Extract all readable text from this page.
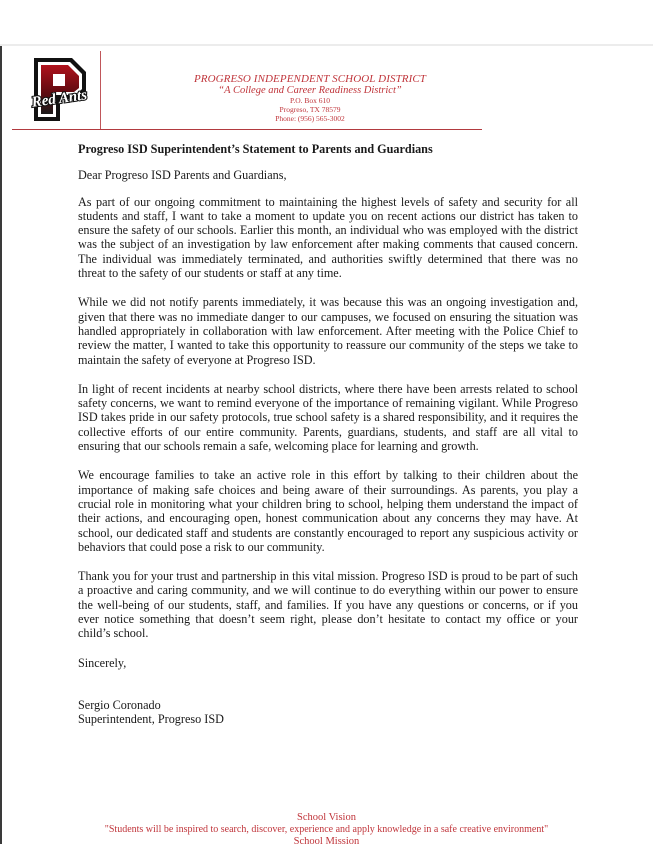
Red Ants
PROGRESO INDEPENDENT SCHOOL DISTRICT
“A College and Career Readiness District”
P.O. Box 610
Progreso, TX 78579
Phone: (956) 565-3002

Progreso ISD Superintendent’s Statement to Parents and Guardians

Dear Progreso ISD Parents and Guardians,

As part of our ongoing commitment to maintaining the highest levels of safety and security for all students and staff, I want to take a moment to update you on recent actions our district has taken to ensure the safety of our schools. Earlier this month, an individual who was employed with the district was the subject of an investigation by law enforcement after making comments that caused concern. The individual was immediately terminated, and authorities swiftly determined that there was no threat to the safety of our students or staff at any time.

While we did not notify parents immediately, it was because this was an ongoing investigation and, given that there was no immediate danger to our campuses, we focused on ensuring the situation was handled appropriately in collaboration with law enforcement. After meeting with the Police Chief to review the matter, I wanted to take this opportunity to reassure our community of the steps we take to maintain the safety of everyone at Progreso ISD.

In light of recent incidents at nearby school districts, where there have been arrests related to school safety concerns, we want to remind everyone of the importance of remaining vigilant. While Progreso ISD takes pride in our safety protocols, true school safety is a shared responsibility, and it requires the collective efforts of our entire community. Parents, guardians, students, and staff are all vital to ensuring that our schools remain a safe, welcoming place for learning and growth.

We encourage families to take an active role in this effort by talking to their children about the importance of making safe choices and being aware of their surroundings. As parents, you play a crucial role in monitoring what your children bring to school, helping them understand the impact of their actions, and encouraging open, honest communication about any concerns they may have. At school, our dedicated staff and students are constantly encouraged to report any suspicious activity or behaviors that could pose a risk to our community.

Thank you for your trust and partnership in this vital mission. Progreso ISD is proud to be part of such a proactive and caring community, and we will continue to do everything within our power to ensure the well-being of our students, staff, and families. If you have any questions or concerns, or if you ever notice something that doesn’t seem right, please don’t hesitate to contact my office or your child’s school.

Sincerely,

Sergio Coronado

Superintendent, Progreso ISD

School Vision
"Students will be inspired to search, discover, experience and apply knowledge in a safe creative environment"
School Mission
